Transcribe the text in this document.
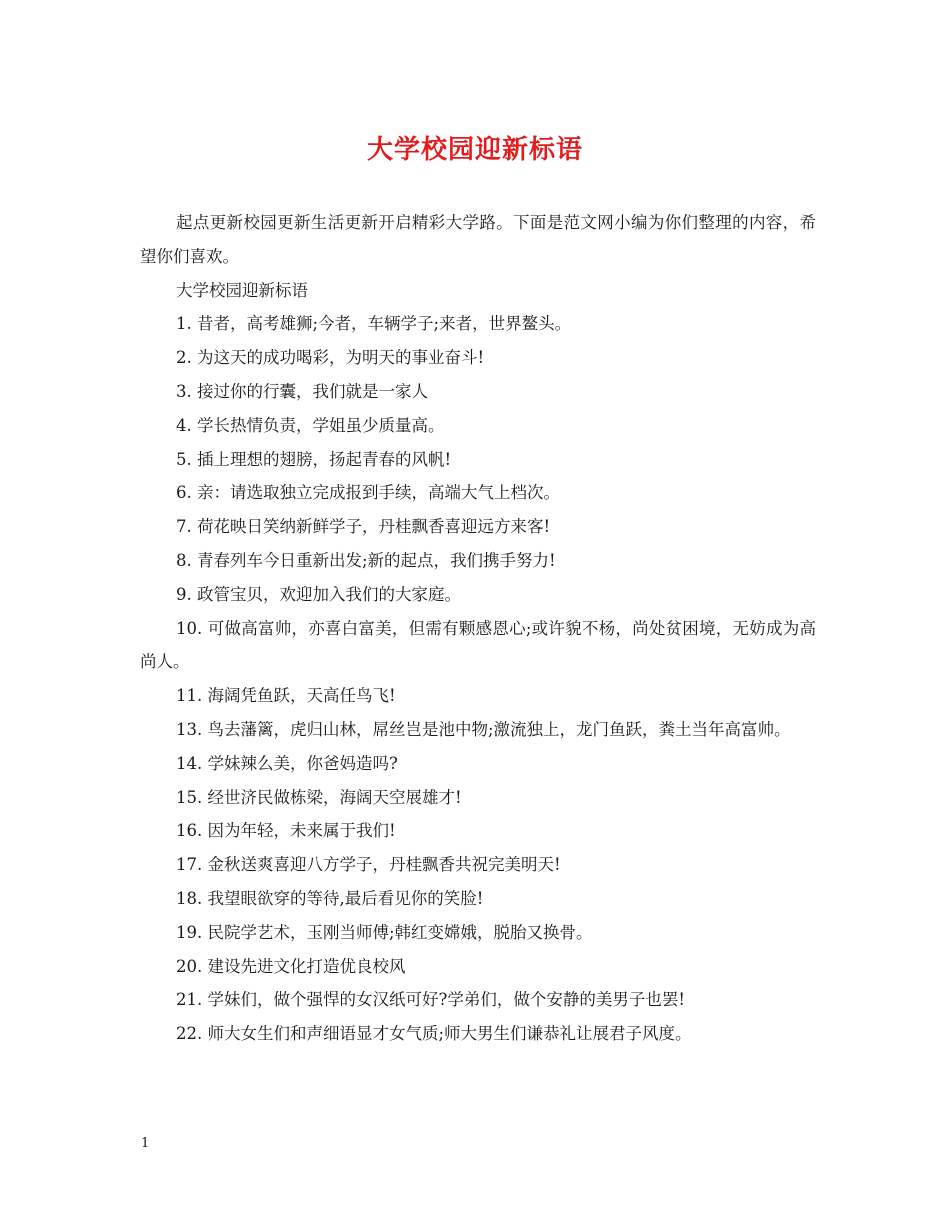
大学校园迎新标语

起点更新校园更新生活更新开启精彩大学路。下面是范文网小编为你们整理的内容，希望你们喜欢。

大学校园迎新标语

1. 昔者，高考雄狮;今者，车辆学子;来者，世界鳌头。

2. 为这天的成功喝彩，为明天的事业奋斗!

3. 接过你的行囊，我们就是一家人

4. 学长热情负责，学姐虽少质量高。

5. 插上理想的翅膀，扬起青春的风帆!

6. 亲：请选取独立完成报到手续，高端大气上档次。

7. 荷花映日笑纳新鲜学子，丹桂飘香喜迎远方来客!

8. 青春列车今日重新出发;新的起点，我们携手努力!

9. 政管宝贝，欢迎加入我们的大家庭。

10. 可做高富帅，亦喜白富美，但需有颗感恩心;或许貌不杨，尚处贫困境，无妨成为高尚人。

11. 海阔凭鱼跃，天高任鸟飞!

13. 鸟去藩篱，虎归山林，屌丝岂是池中物;激流独上，龙门鱼跃，粪土当年高富帅。

14. 学妹辣么美，你爸妈造吗?

15. 经世济民做栋梁，海阔天空展雄才!

16. 因为年轻，未来属于我们!

17. 金秋送爽喜迎八方学子，丹桂飘香共祝完美明天!

18. 我望眼欲穿的等待,最后看见你的笑脸!

19. 民院学艺术，玉刚当师傅;韩红变嫦娥，脱胎又换骨。

20. 建设先进文化打造优良校风

21. 学妹们，做个强悍的女汉纸可好?学弟们，做个安静的美男子也罢!

22. 师大女生们和声细语显才女气质;师大男生们谦恭礼让展君子风度。

1
